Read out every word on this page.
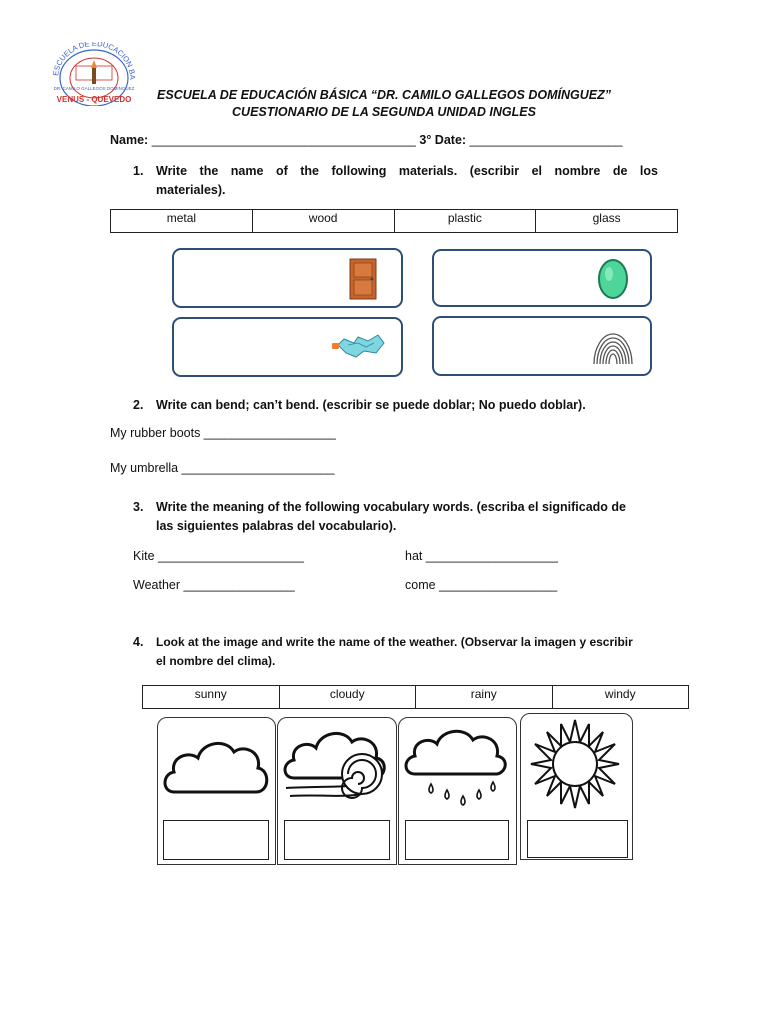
ESCUELA DE EDUCACION BA
DR. CAMILO GALLEGOS DOMINGUEZ
VENUS - QUEVEDO	ESCUELA DE EDUCACIÓN BÁSICA “DR. CAMILO GALLEGOS DOMÍNGUEZ”
CUESTIONARIO DE LA SEGUNDA UNIDAD INGLES
Name: ______________________________________ 3° Date: ______________________
1. Write the name of the following materials. (escribir el nombre de los
materiales).
metal	wood	plastic	glass
2. Write can bend; can’t bend. (escribir se puede doblar; No puedo doblar).
My rubber boots ___________________
My umbrella ______________________
3. Write the meaning of the following vocabulary words. (escriba el significado de
las siguientes palabras del vocabulario).
Kite _____________________	hat ___________________
Weather ________________	come _________________
4. Look at the image and write the name of the weather. (Observar la imagen y escribir
el nombre del clima).
sunny	cloudy	rainy	windy
